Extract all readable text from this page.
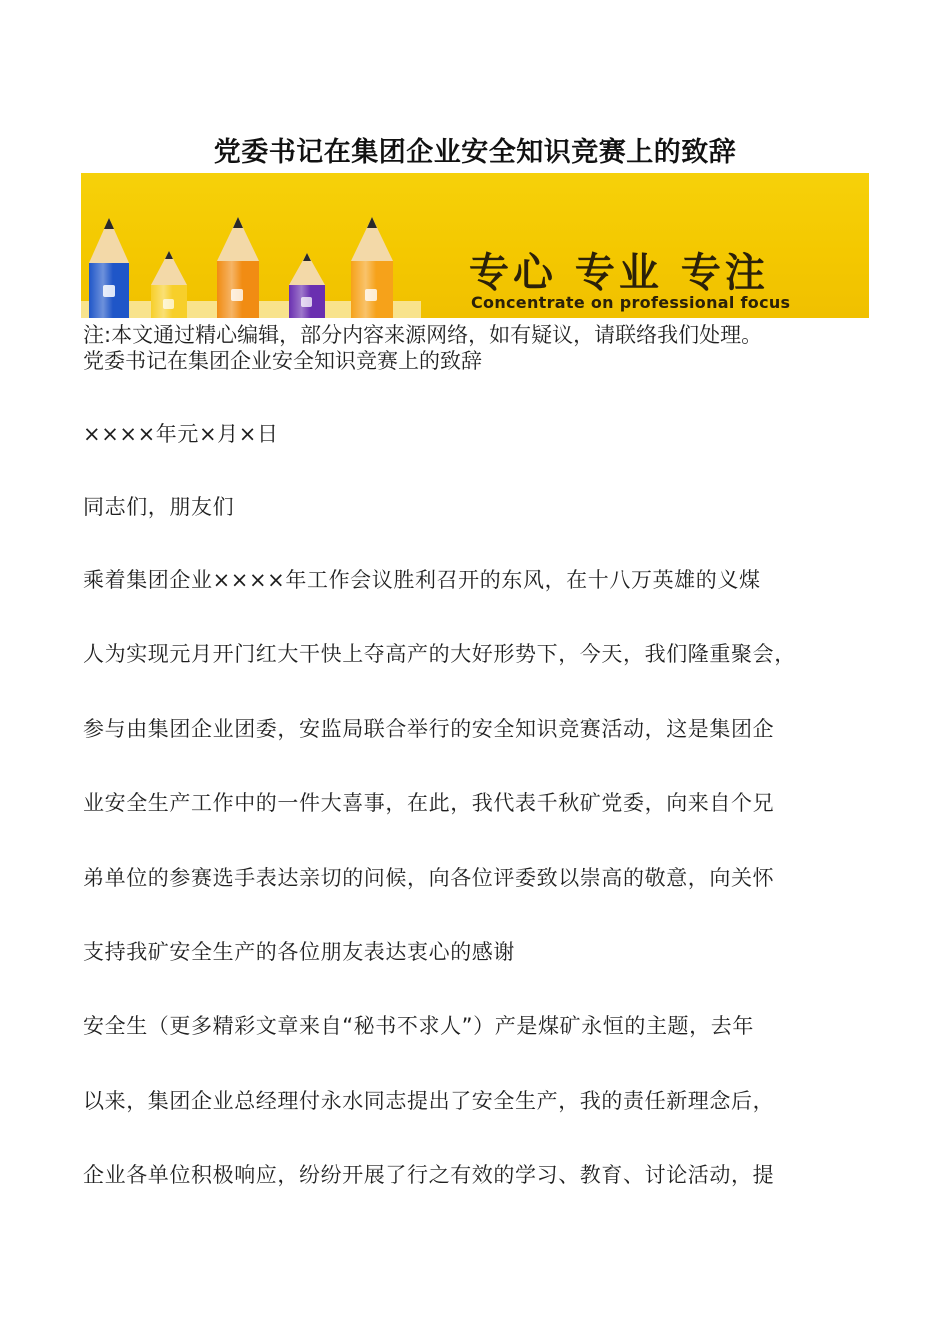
党委书记在集团企业安全知识竞赛上的致辞
专心 专业 专注
Concentrate on professional focus
注:本文通过精心编辑，部分内容来源网络，如有疑议，请联络我们处理。
党委书记在集团企业安全知识竞赛上的致辞
××××年元×月×日
同志们，朋友们
乘着集团企业××××年工作会议胜利召开的东风，在十八万英雄的义煤
人为实现元月开门红大干快上夺高产的大好形势下，今天，我们隆重聚会，
参与由集团企业团委，安监局联合举行的安全知识竞赛活动，这是集团企
业安全生产工作中的一件大喜事，在此，我代表千秋矿党委，向来自个兄
弟单位的参赛选手表达亲切的问候，向各位评委致以崇高的敬意，向关怀
支持我矿安全生产的各位朋友表达衷心的感谢
安全生（更多精彩文章来自“秘书不求人”）产是煤矿永恒的主题，去年
以来，集团企业总经理付永水同志提出了安全生产，我的责任新理念后，
企业各单位积极响应，纷纷开展了行之有效的学习、教育、讨论活动，提
